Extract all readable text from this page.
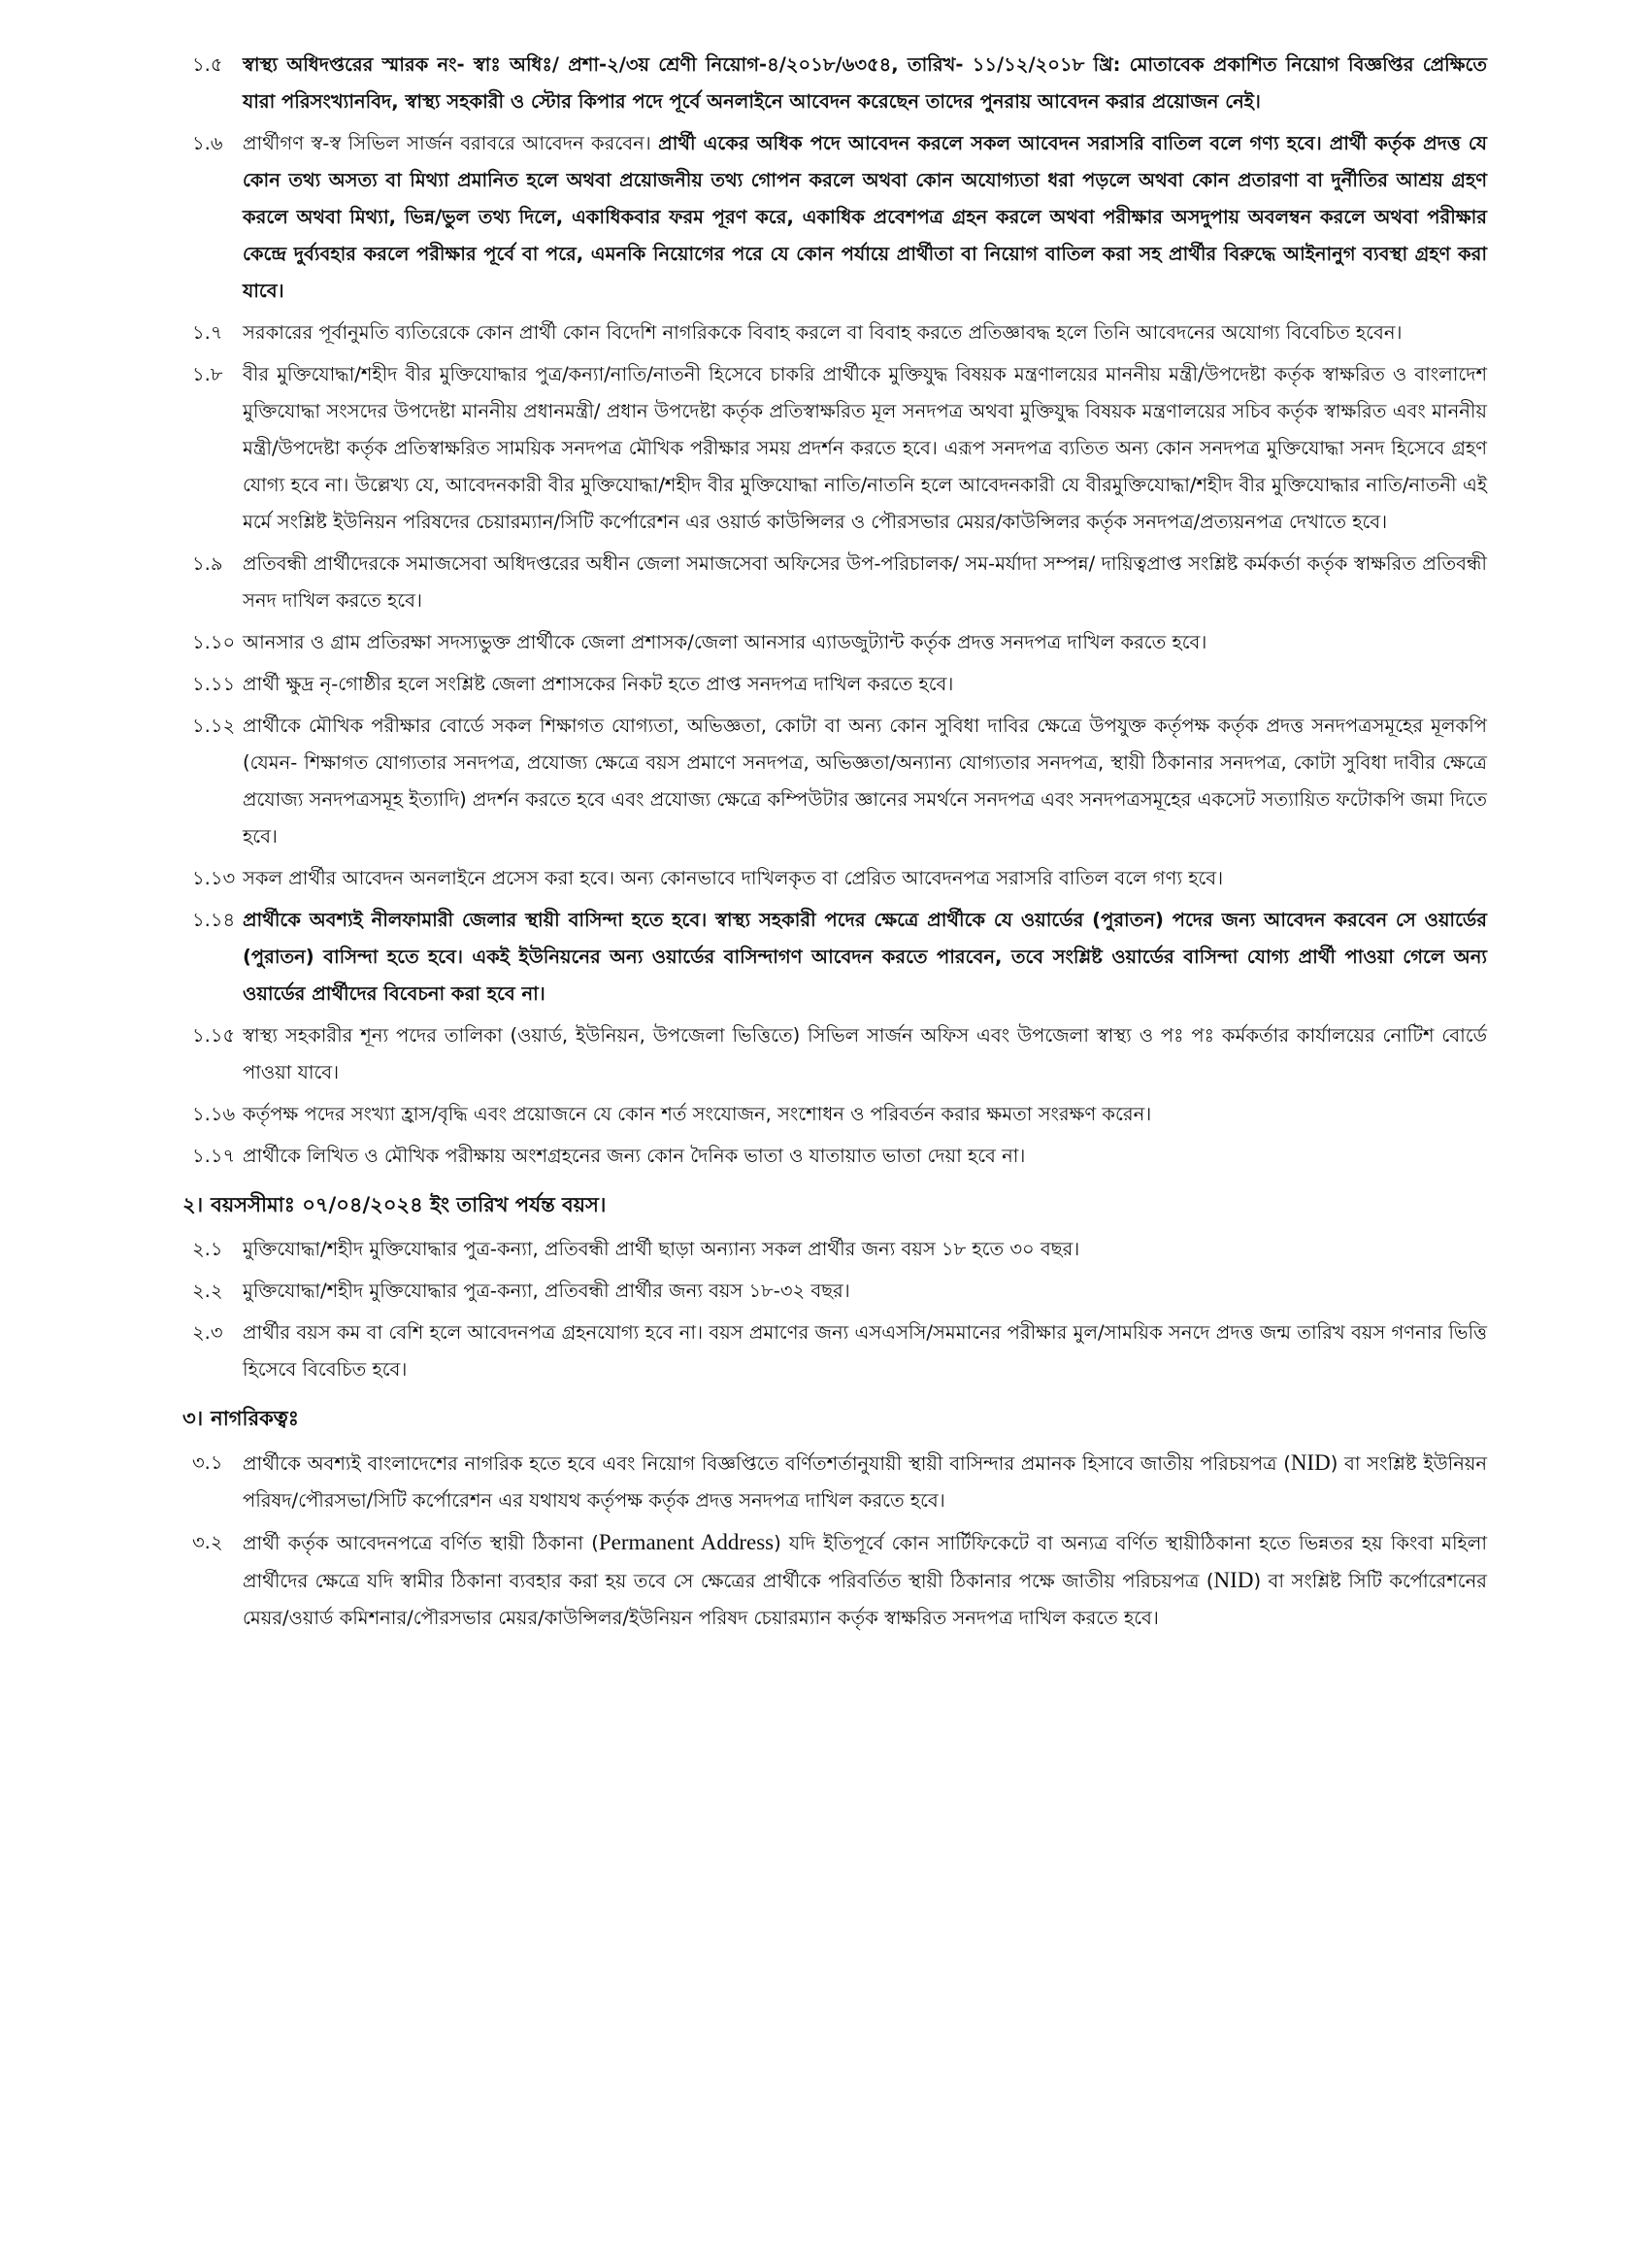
১.৫	স্বাস্থ্য অধিদপ্তরের স্মারক নং- স্বাঃ অধিঃ/ প্রশা-২/৩য় শ্রেণী নিয়োগ-৪/২০১৮/৬৩৫৪, তারিখ- ১১/১২/২০১৮ খ্রি: মোতাবেক প্রকাশিত নিয়োগ বিজ্ঞপ্তির প্রেক্ষিতে যারা পরিসংখ্যানবিদ, স্বাস্থ্য সহকারী ও স্টোর কিপার পদে পূর্বে অনলাইনে আবেদন করেছেন তাদের পুনরায় আবেদন করার প্রয়োজন নেই।
১.৬	প্রার্থীগণ স্ব-স্ব সিভিল সার্জন বরাবরে আবেদন করবেন। প্রার্থী একের অধিক পদে আবেদন করলে সকল আবেদন সরাসরি বাতিল বলে গণ্য হবে। প্রার্থী কর্তৃক প্রদত্ত যে কোন তথ্য অসত্য বা মিথ্যা প্রমানিত হলে অথবা প্রয়োজনীয় তথ্য গোপন করলে অথবা কোন অযোগ্যতা ধরা পড়লে অথবা কোন প্রতারণা বা দুর্নীতির আশ্রয় গ্রহণ করলে অথবা মিথ্যা, ভিন্ন/ভুল তথ্য দিলে, একাধিকবার ফরম পূরণ করে, একাধিক প্রবেশপত্র গ্রহন করলে অথবা পরীক্ষার অসদুপায় অবলম্বন করলে অথবা পরীক্ষার কেন্দ্রে দুর্ব্যবহার করলে পরীক্ষার পূর্বে বা পরে, এমনকি নিয়োগের পরে যে কোন পর্যায়ে প্রার্থীতা বা নিয়োগ বাতিল করা সহ প্রার্থীর বিরুদ্ধে আইনানুগ ব্যবস্থা গ্রহণ করা যাবে।
১.৭	সরকারের পূর্বানুমতি ব্যতিরেকে কোন প্রার্থী কোন বিদেশি নাগরিককে বিবাহ করলে বা বিবাহ করতে প্রতিজ্ঞাবদ্ধ হলে তিনি আবেদনের অযোগ্য বিবেচিত হবেন।
১.৮	বীর মুক্তিযোদ্ধা/শহীদ বীর মুক্তিযোদ্ধার পুত্র/কন্যা/নাতি/নাতনী হিসেবে চাকরি প্রার্থীকে মুক্তিযুদ্ধ বিষয়ক মন্ত্রণালয়ের মাননীয় মন্ত্রী/উপদেষ্টা কর্তৃক স্বাক্ষরিত ও বাংলাদেশ মুক্তিযোদ্ধা সংসদের উপদেষ্টা মাননীয় প্রধানমন্ত্রী/ প্রধান উপদেষ্টা কর্তৃক প্রতিস্বাক্ষরিত মূল সনদপত্র অথবা মুক্তিযুদ্ধ বিষয়ক মন্ত্রণালয়ের সচিব কর্তৃক স্বাক্ষরিত এবং মাননীয় মন্ত্রী/উপদেষ্টা কর্তৃক প্রতিস্বাক্ষরিত সাময়িক সনদপত্র মৌখিক পরীক্ষার সময় প্রদর্শন করতে হবে। এরূপ সনদপত্র ব্যতিত অন্য কোন সনদপত্র মুক্তিযোদ্ধা সনদ হিসেবে গ্রহণ যোগ্য হবে না। উল্লেখ্য যে, আবেদনকারী বীর মুক্তিযোদ্ধা/শহীদ বীর মুক্তিযোদ্ধা নাতি/নাতনি হলে আবেদনকারী যে বীরমুক্তিযোদ্ধা/শহীদ বীর মুক্তিযোদ্ধার নাতি/নাতনী এই মর্মে সংশ্লিষ্ট ইউনিয়ন পরিষদের চেয়ারম্যান/সিটি কর্পোরেশন এর ওয়ার্ড কাউন্সিলর ও পৌরসভার মেয়র/কাউন্সিলর কর্তৃক সনদপত্র/প্রত্যয়নপত্র দেখাতে হবে।
১.৯	প্রতিবন্ধী প্রার্থীদেরকে সমাজসেবা অধিদপ্তরের অধীন জেলা সমাজসেবা অফিসের উপ-পরিচালক/ সম-মর্যাদা সম্পন্ন/ দায়িত্বপ্রাপ্ত সংশ্লিষ্ট কর্মকর্তা কর্তৃক স্বাক্ষরিত প্রতিবন্ধী সনদ দাখিল করতে হবে।
১.১০ আনসার ও গ্রাম প্রতিরক্ষা সদস্যভুক্ত প্রার্থীকে জেলা প্রশাসক/জেলা আনসার এ্যাডজুট্যান্ট কর্তৃক প্রদত্ত সনদপত্র দাখিল করতে হবে।
১.১১ প্রার্থী ক্ষুদ্র নৃ-গোষ্ঠীর হলে সংশ্লিষ্ট জেলা প্রশাসকের নিকট হতে প্রাপ্ত সনদপত্র দাখিল করতে হবে।
১.১২ প্রার্থীকে মৌখিক পরীক্ষার বোর্ডে সকল শিক্ষাগত যোগ্যতা, অভিজ্ঞতা, কোটা বা অন্য কোন সুবিধা দাবির ক্ষেত্রে উপযুক্ত কর্তৃপক্ষ কর্তৃক প্রদত্ত সনদপত্রসমূহের মূলকপি (যেমন- শিক্ষাগত যোগ্যতার সনদপত্র, প্রযোজ্য ক্ষেত্রে বয়স প্রমাণে সনদপত্র, অভিজ্ঞতা/অন্যান্য যোগ্যতার সনদপত্র, স্থায়ী ঠিকানার সনদপত্র, কোটা সুবিধা দাবীর ক্ষেত্রে প্রযোজ্য সনদপত্রসমূহ ইত্যাদি) প্রদর্শন করতে হবে এবং প্রযোজ্য ক্ষেত্রে কম্পিউটার জ্ঞানের সমর্থনে সনদপত্র এবং সনদপত্রসমূহের একসেট সত্যায়িত ফটোকপি জমা দিতে হবে।
১.১৩ সকল প্রার্থীর আবেদন অনলাইনে প্রসেস করা হবে। অন্য কোনভাবে দাখিলকৃত বা প্রেরিত আবেদনপত্র সরাসরি বাতিল বলে গণ্য হবে।
১.১৪ প্রার্থীকে অবশ্যই নীলফামারী জেলার স্থায়ী বাসিন্দা হতে হবে। স্বাস্থ্য সহকারী পদের ক্ষেত্রে প্রার্থীকে যে ওয়ার্ডের (পুরাতন) পদের জন্য আবেদন করবেন সে ওয়ার্ডের (পুরাতন) বাসিন্দা হতে হবে। একই ইউনিয়নের অন্য ওয়ার্ডের বাসিন্দাগণ আবেদন করতে পারবেন, তবে সংশ্লিষ্ট ওয়ার্ডের বাসিন্দা যোগ্য প্রার্থী পাওয়া গেলে অন্য ওয়ার্ডের প্রার্থীদের বিবেচনা করা হবে না।
১.১৫ স্বাস্থ্য সহকারীর শূন্য পদের তালিকা (ওয়ার্ড, ইউনিয়ন, উপজেলা ভিত্তিতে) সিভিল সার্জন অফিস এবং উপজেলা স্বাস্থ্য ও পঃ পঃ কর্মকর্তার কার্যালয়ের নোটিশ বোর্ডে পাওয়া যাবে।
১.১৬ কর্তৃপক্ষ পদের সংখ্যা হ্রাস/বৃদ্ধি এবং প্রয়োজনে যে কোন শর্ত সংযোজন, সংশোধন ও পরিবর্তন করার ক্ষমতা সংরক্ষণ করেন।
১.১৭ প্রার্থীকে লিখিত ও মৌখিক পরীক্ষায় অংশগ্রহনের জন্য কোন দৈনিক ভাতা ও যাতায়াত ভাতা দেয়া হবে না।
২। বয়সসীমাঃ ০৭/০৪/২০২৪ ইং তারিখ পর্যন্ত বয়স।
২.১	মুক্তিযোদ্ধা/শহীদ মুক্তিযোদ্ধার পুত্র-কন্যা, প্রতিবন্ধী প্রার্থী ছাড়া অন্যান্য সকল প্রার্থীর জন্য বয়স ১৮ হতে ৩০ বছর।
২.২	মুক্তিযোদ্ধা/শহীদ মুক্তিযোদ্ধার পুত্র-কন্যা, প্রতিবন্ধী প্রার্থীর জন্য বয়স ১৮-৩২ বছর।
২.৩	প্রার্থীর বয়স কম বা বেশি হলে আবেদনপত্র গ্রহনযোগ্য হবে না। বয়স প্রমাণের জন্য এসএসসি/সমমানের পরীক্ষার মুল/সাময়িক সনদে প্রদত্ত জন্ম তারিখ বয়স গণনার ভিত্তি হিসেবে বিবেচিত হবে।
৩। নাগরিকত্বঃ
৩.১	প্রার্থীকে অবশ্যই বাংলাদেশের নাগরিক হতে হবে এবং নিয়োগ বিজ্ঞপ্তিতে বর্ণিতশর্তানুযায়ী স্থায়ী বাসিন্দার প্রমানক হিসাবে জাতীয় পরিচয়পত্র (NID) বা সংশ্লিষ্ট ইউনিয়ন পরিষদ/পৌরসভা/সিটি কর্পোরেশন এর যথাযথ কর্তৃপক্ষ কর্তৃক প্রদত্ত সনদপত্র দাখিল করতে হবে।
৩.২	প্রার্থী কর্তৃক আবেদনপত্রে বর্ণিত স্থায়ী ঠিকানা (Permanent Address) যদি ইতিপূর্বে কোন সার্টিফিকেটে বা অন্যত্র বর্ণিত স্থায়ীঠিকানা হতে ভিন্নতর হয় কিংবা মহিলা প্রার্থীদের ক্ষেত্রে যদি স্বামীর ঠিকানা ব্যবহার করা হয় তবে সে ক্ষেত্রের প্রার্থীকে পরিবর্তিত স্থায়ী ঠিকানার পক্ষে জাতীয় পরিচয়পত্র (NID) বা সংশ্লিষ্ট সিটি কর্পোরেশনের মেয়র/ওয়ার্ড কমিশনার/পৌরসভার মেয়র/কাউন্সিলর/ইউনিয়ন পরিষদ চেয়ারম্যান কর্তৃক স্বাক্ষরিত সনদপত্র দাখিল করতে হবে।
